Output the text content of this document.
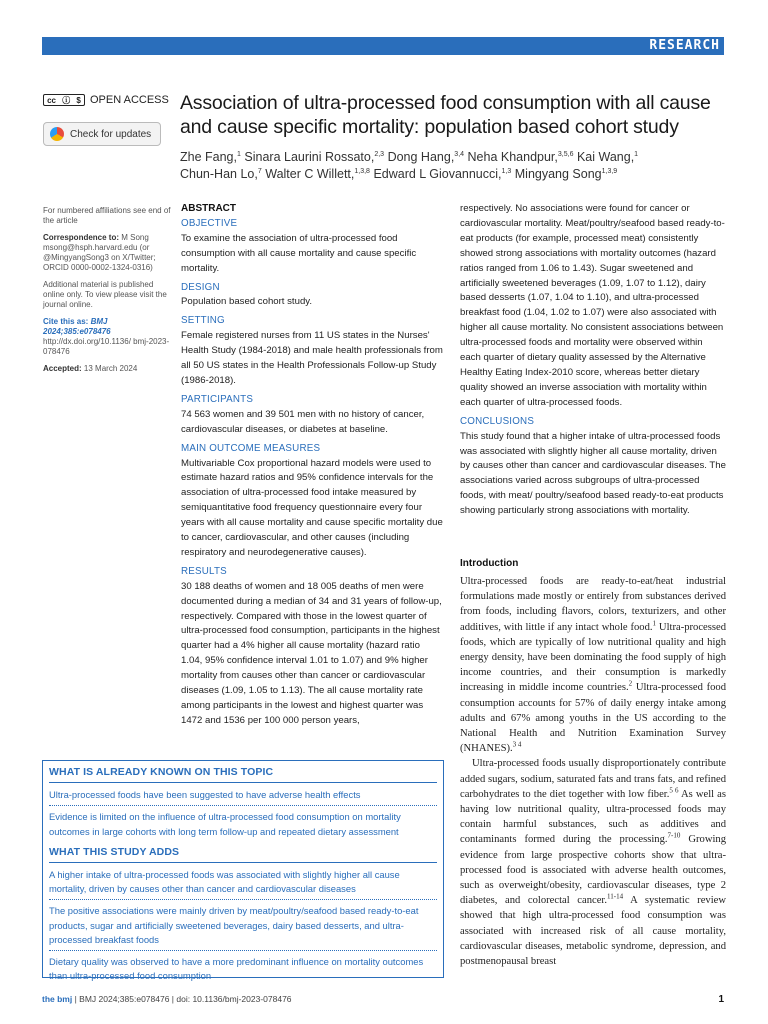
RESEARCH
cc ⓘ $ OPEN ACCESS
Check for updates
Association of ultra-processed food consumption with all cause and cause specific mortality: population based cohort study
Zhe Fang,$^1$ Sinara Laurini Rossato,$^{2,3}$ Dong Hang,$^{3,4}$ Neha Khandpur,$^{3,5,6}$ Kai Wang,$^1$
Chun-Han Lo,$^7$ Walter C Willett,$^{1,3,8}$ Edward L Giovannucci,$^{1,3}$ Mingyang Song$^{1,3,9}$

For numbered affiliations see end of the article

Correspondence to: M Song msong@hsph.harvard.edu (or @MingyangSong3 on X/Twitter; ORCID 0000-0002-1324-0316)

Additional material is published online only. To view please visit the journal online.

Cite this as: BMJ 2024;385:e078476
http://dx.doi.org/10.1136/ bmj-2023-078476

Accepted: 13 March 2024

ABSTRACT
OBJECTIVE
To examine the association of ultra-processed food consumption with all cause mortality and cause specific mortality.
DESIGN
Population based cohort study.
SETTING
Female registered nurses from 11 US states in the Nurses' Health Study (1984-2018) and male health professionals from all 50 US states in the Health Professionals Follow-up Study (1986-2018).
PARTICIPANTS
74 563 women and 39 501 men with no history of cancer, cardiovascular diseases, or diabetes at baseline.
MAIN OUTCOME MEASURES
Multivariable Cox proportional hazard models were used to estimate hazard ratios and 95% confidence intervals for the association of ultra-processed food intake measured by semiquantitative food frequency questionnaire every four years with all cause mortality and cause specific mortality due to cancer, cardiovascular, and other causes (including respiratory and neurodegenerative causes).
RESULTS
30 188 deaths of women and 18 005 deaths of men were documented during a median of 34 and 31 years of follow-up, respectively. Compared with those in the lowest quarter of ultra-processed food consumption, participants in the highest quarter had a 4% higher all cause mortality (hazard ratio 1.04, 95% confidence interval 1.01 to 1.07) and 9% higher mortality from causes other than cancer or cardiovascular diseases (1.09, 1.05 to 1.13). The all cause mortality rate among participants in the lowest and highest quarter was 1472 and 1536 per 100 000 person years,
respectively. No associations were found for cancer or cardiovascular mortality. Meat/poultry/seafood based ready-to-eat products (for example, processed meat) consistently showed strong associations with mortality outcomes (hazard ratios ranged from 1.06 to 1.43). Sugar sweetened and artificially sweetened beverages (1.09, 1.07 to 1.12), dairy based desserts (1.07, 1.04 to 1.10), and ultra-processed breakfast food (1.04, 1.02 to 1.07) were also associated with higher all cause mortality. No consistent associations between ultra-processed foods and mortality were observed within each quarter of dietary quality assessed by the Alternative Healthy Eating Index-2010 score, whereas better dietary quality showed an inverse association with mortality within each quarter of ultra-processed foods.
CONCLUSIONS
This study found that a higher intake of ultra-processed foods was associated with slightly higher all cause mortality, driven by causes other than cancer and cardiovascular diseases. The associations varied across subgroups of ultra-processed foods, with meat/ poultry/seafood based ready-to-eat products showing particularly strong associations with mortality.
WHAT IS ALREADY KNOWN ON THIS TOPIC
Ultra-processed foods have been suggested to have adverse health effects
Evidence is limited on the influence of ultra-processed food consumption on mortality outcomes in large cohorts with long term follow-up and repeated dietary assessment
WHAT THIS STUDY ADDS
A higher intake of ultra-processed foods was associated with slightly higher all cause mortality, driven by causes other than cancer and cardiovascular diseases
The positive associations were mainly driven by meat/poultry/seafood based ready-to-eat products, sugar and artificially sweetened beverages, dairy based desserts, and ultra-processed breakfast foods
Dietary quality was observed to have a more predominant influence on mortality outcomes than ultra-processed food consumption
Introduction

Ultra-processed foods are ready-to-eat/heat industrial formulations made mostly or entirely from substances derived from foods, including flavors, colors, texturizers, and other additives, with little if any intact whole food.$^1$ Ultra-processed foods, which are typically of low nutritional quality and high energy density, have been dominating the food supply of high income countries, and their consumption is markedly increasing in middle income countries.$^2$ Ultra-processed food consumption accounts for 57% of daily energy intake among adults and 67% among youths in the US according to the National Health and Nutrition Examination Survey (NHANES).$^{3 4}$

Ultra-processed foods usually disproportionately contribute added sugars, sodium, saturated fats and trans fats, and refined carbohydrates to the diet together with low fiber.$^{5 6}$ As well as having low nutritional quality, ultra-processed foods may contain harmful substances, such as additives and contaminants formed during the processing.$^{7-10}$ Growing evidence from large prospective cohorts show that ultra-processed food is associated with adverse health outcomes, such as overweight/obesity, cardiovascular diseases, type 2 diabetes, and colorectal cancer.$^{11-14}$ A systematic review showed that high ultra-processed food consumption was associated with increased risk of all cause mortality, cardiovascular diseases, metabolic syndrome, depression, and postmenopausal breast

the bmj | BMJ 2024;385:e078476 | doi: 10.1136/bmj-2023-078476	1
